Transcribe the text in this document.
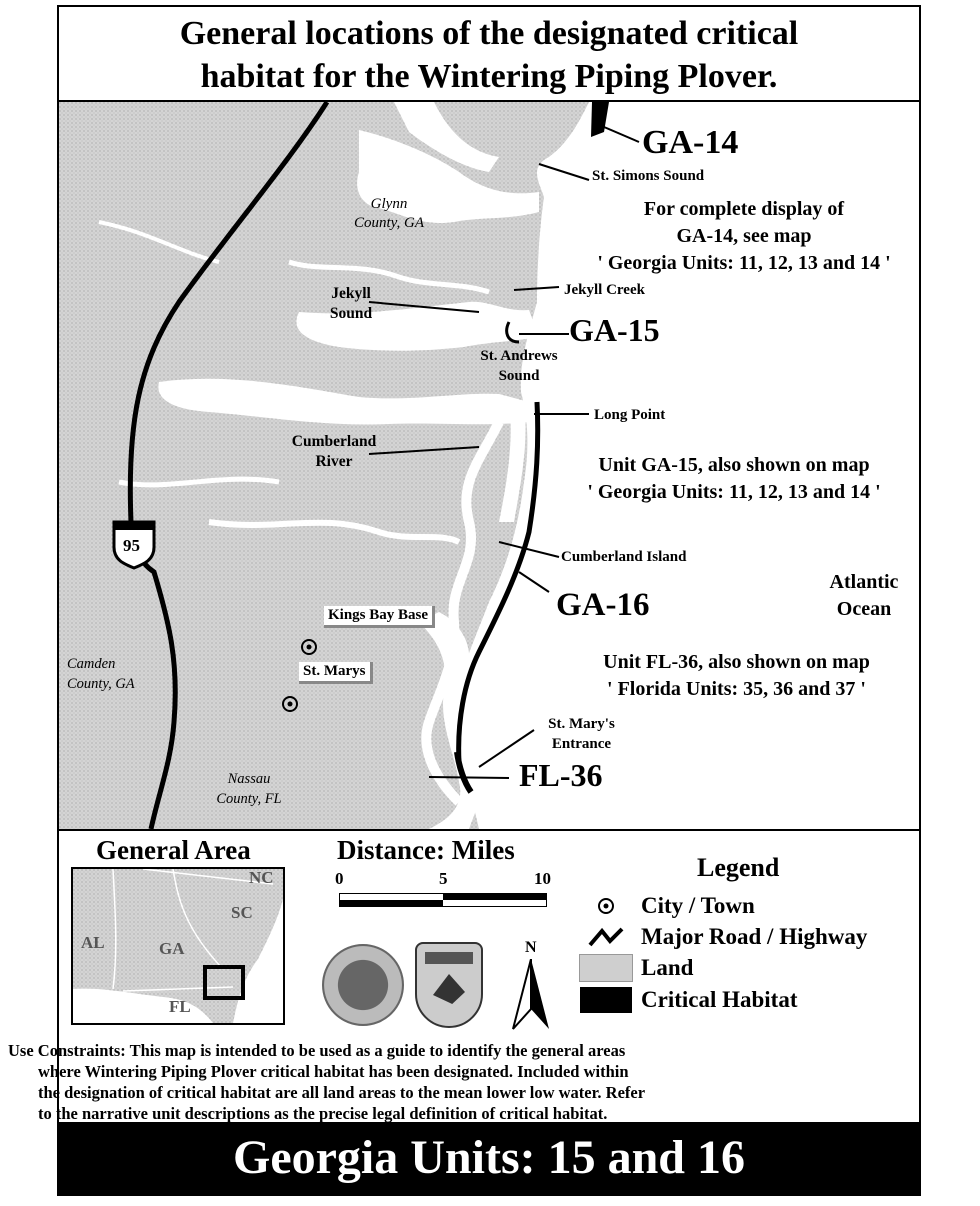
General locations of the designated critical
habitat for the Wintering Piping Plover.
GA-14
St. Simons Sound
For complete display of
GA-14, see map
' Georgia Units: 11, 12, 13 and 14 '
Glynn
County, GA
Jekyll
Sound
Jekyll Creek
GA-15
St. Andrews
Sound
Long Point
Cumberland
River	Unit GA-15, also shown on map
' Georgia Units: 11, 12, 13 and 14 '
95
Cumberland Island
GA-16
Atlantic
Ocean
Kings Bay Base
St. Marys
Camden
County, GA
Unit FL-36, also shown on map
' Florida Units: 35, 36 and 37 '
St. Mary's
Entrance
FL-36
Nassau
County, FL
General Area
NC
SC
AL	GA
FL
Distance: Miles
0	5	10
N
Legend
City / Town
Major Road / Highway
Land
Critical Habitat
Georgia Units: 15 and 16
Use Constraints: This map is intended to be used as a guide to identify the general areas
where Wintering Piping Plover critical habitat has been designated. Included within
the designation of critical habitat are all land areas to the mean lower low water. Refer
to the narrative unit descriptions as the precise legal definition of critical habitat.
